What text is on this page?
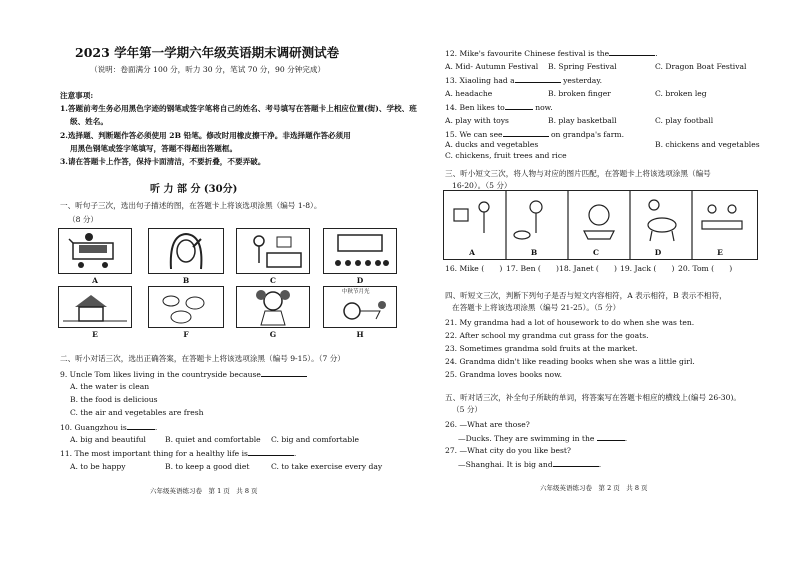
2023 学年第一学期六年级英语期末调研测试卷
（说明：卷面满分 100 分，听力 30 分，笔试 70 分，90 分钟完成）
注意事项:
1.答题前考生务必用黑色字迹的钢笔或签字笔将自己的姓名、考号填写在答题卡上相应位置(街)、学校、班
级、姓名。
2.选择题、判断题作答必须使用 2B 铅笔。修改时用橡皮擦干净。非选择题作答必须用
用黑色钢笔或签字笔填写，答题不得超出答题框。
3.请在答题卡上作答，保持卡面清洁，不要折叠，不要弄破。
听 力 部 分 (30分)
一、听句子三次，选出句子描述的图，在答题卡上将该选项涂黑（编号 1-8）。
（8 分）
A	B	C	D
中秋节月光
E	F	G	H
二、听小对话三次，选出正确答案，在答题卡上将该选项涂黑（编号 9-15）。（7 分）
9. Uncle Tom likes living in the countryside because
A. the water is clean
B. the food is delicious
C. the air and vegetables are fresh
10. Guangzhou is	.
A. big and beautiful	B. quiet and comfortable C. big and comfortable
11. The most important thing for a healthy life is	.
A. to be happy	B. to keep a good diet	C. to take exercise every day
六年级英语练习卷　第 1 页　共 8 页
12. Mike's favourite Chinese festival is the	.
A. Mid- Autumn Festival B. Spring Festival	C. Dragon Boat Festival
13. Xiaoling had a	yesterday.
A. headache	B. broken finger	C. broken leg
14. Ben likes to	now.
A. play with toys	B. play basketball	C. play football
15. We can see	on grandpa's farm.
A. ducks and vegetables
C. chickens, fruit trees and rice
B. chickens and vegetables
三、听小短文三次，将人物与对应的图片匹配，在答题卡上将该选项涂黑（编号
16-20）。（5 分）
A	B	C	D	E
16. Mike (　　) 17. Ben (　　) 18. Janet (　　) 19. Jack (　　) 20. Tom (　　)
四、听短文三次，判断下列句子是否与短文内容相符，A 表示相符，B 表示不相符，
在答题卡上将该选项涂黑（编号 21-25）。（5 分）
21. My grandma had a lot of housework to do when she was ten.
22. After school my grandma cut grass for the goats.
23. Sometimes grandma sold fruits at the market.
24. Grandma didn't like reading books when she was a little girl.
25. Grandma loves books now.
五、听对话三次，补全句子所缺的单词，将答案写在答题卡相应的横线上(编号 26-30)。
（5 分）
26. —What are those?
—Ducks. They are swimming in the	.
27. —What city do you like best?
—Shanghai. It is big and	.
六年级英语练习卷　第 2 页　共 8 页
